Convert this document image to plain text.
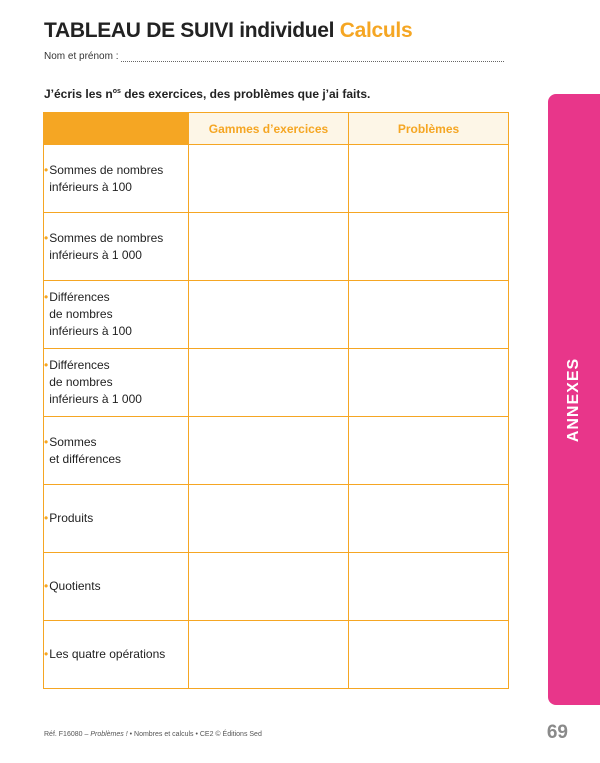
TABLEAU DE SUIVI individuel Calculs
Nom et prénom :

J’écris les $n^{os}$ des exercices, des problèmes que j’ai faits.

	Gammes d’exercices	Problèmes

• Sommes de nombres
inférieurs à 100		

• Sommes de nombres
inférieurs à 1 000		

• Différences
de nombres
inférieurs à 100		

• Différences
de nombres
inférieurs à 1 000		

• Sommes
et différences		

• Produits		

• Quotients		

• Les quatre opérations		

ANNEXES
Réf. F16080 – Problèmes ! • Nombres et calculs • CE2 © Éditions Sed	69
